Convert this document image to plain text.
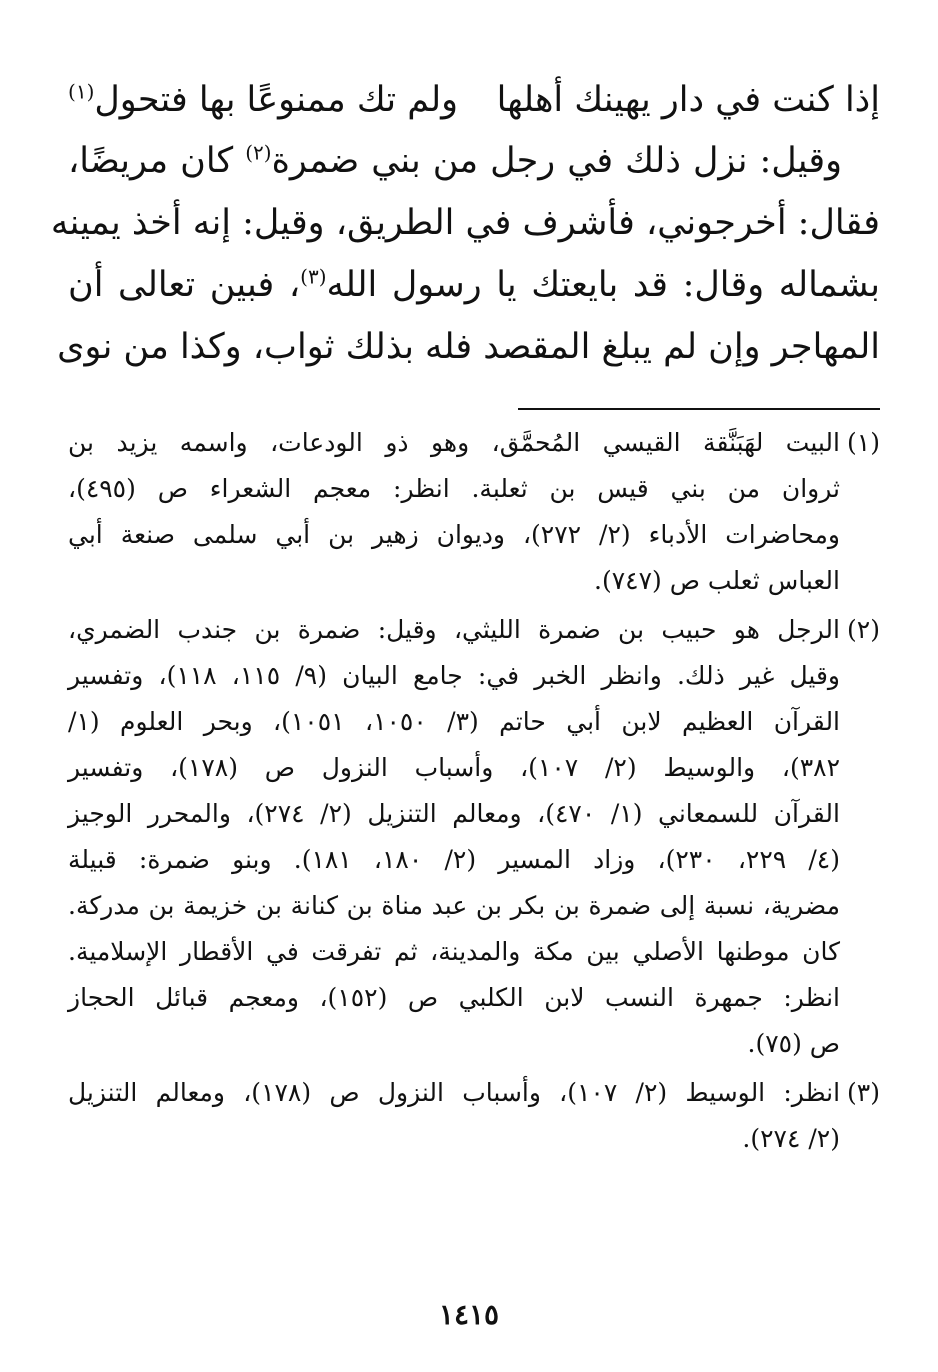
إذا كنت في دار يهينك أهلها
ولم تك ممنوعًا بها فتحول$^{(١)}$
وقيل: نزل ذلك في رجل من بني ضمرة$^{(٢)}$ كان مريضًا،
فقال: أخرجوني، فأشرف في الطريق، وقيل: إنه أخذ يمينه
بشماله وقال: قد بايعتك يا رسول الله$^{(٣)}$، فبين تعالى أن
المهاجر وإن لم يبلغ المقصد فله بذلك ثواب، وكذا من نوى
(١)
البيت لهَبَنَّقة القيسي المُحمَّق، وهو ذو الودعات، واسمه يزيد بن
ثروان من بني قيس بن ثعلبة. انظر: معجم الشعراء ص (٤٩٥)،
ومحاضرات الأدباء (٢/ ٢٧٢)، وديوان زهير بن أبي سلمى صنعة أبي
العباس ثعلب ص (٧٤٧).
(٢)
الرجل هو حبيب بن ضمرة الليثي، وقيل: ضمرة بن جندب الضمري،
وقيل غير ذلك. وانظر الخبر في: جامع البيان (٩/ ١١٥، ١١٨)، وتفسير
القرآن العظيم لابن أبي حاتم (٣/ ١٠٥٠، ١٠٥١)، وبحر العلوم (١/
٣٨٢)، والوسيط (٢/ ١٠٧)، وأسباب النزول ص (١٧٨)، وتفسير
القرآن للسمعاني (١/ ٤٧٠)، ومعالم التنزيل (٢/ ٢٧٤)، والمحرر الوجيز
(٤/ ٢٢٩، ٢٣٠)، وزاد المسير (٢/ ١٨٠، ١٨١). وبنو ضمرة: قبيلة
مضرية، نسبة إلى ضمرة بن بكر بن عبد مناة بن كنانة بن خزيمة بن مدركة.
كان موطنها الأصلي بين مكة والمدينة، ثم تفرقت في الأقطار الإسلامية.
انظر: جمهرة النسب لابن الكلبي ص (١٥٢)، ومعجم قبائل الحجاز
ص (٧٥).
(٣)
انظر: الوسيط (٢/ ١٠٧)، وأسباب النزول ص (١٧٨)، ومعالم التنزيل
(٢/ ٢٧٤).
١٤١٥
